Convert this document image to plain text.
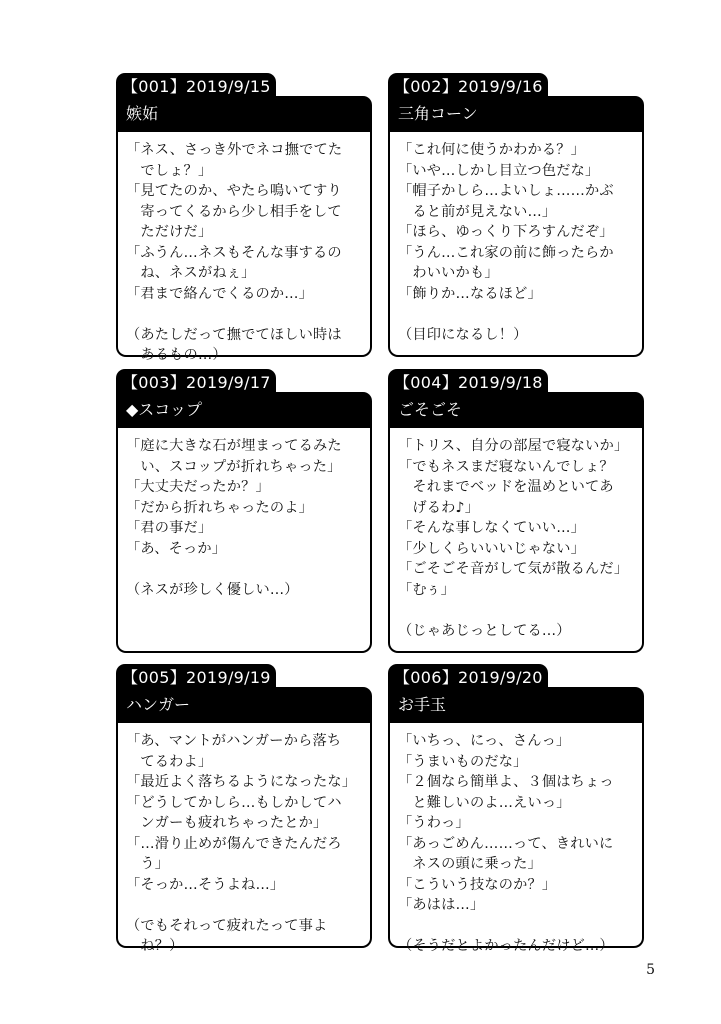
【001】2019/9/15
嫉妬
「ネス、さっき外でネコ撫でてた
　でしょ？」
「見てたのか、やたら鳴いてすり
　寄ってくるから少し相手をして
　ただけだ」
「ふうん…ネスもそんな事するの
　ね、ネスがねぇ」
「君まで絡んでくるのか…」
（あたしだって撫でてほしい時は
　あるもの…）
【002】2019/9/16
三角コーン
「これ何に使うかわかる？」
「いや…しかし目立つ色だな」
「帽子かしら…よいしょ……かぶ
　ると前が見えない…」
「ほら、ゆっくり下ろすんだぞ」
「うん…これ家の前に飾ったらか
　わいいかも」
「飾りか…なるほど」
（目印になるし！）
【003】2019/9/17
◆スコップ
「庭に大きな石が埋まってるみた
　い、スコップが折れちゃった」
「大丈夫だったか？」
「だから折れちゃったのよ」
「君の事だ」
「あ、そっか」
（ネスが珍しく優しい…）
【004】2019/9/18
ごそごそ
「トリス、自分の部屋で寝ないか」
「でもネスまだ寝ないんでしょ？
　それまでベッドを温めといてあ
　げるわ♪」
「そんな事しなくていい…」
「少しくらいいいじゃない」
「ごそごそ音がして気が散るんだ」
「むぅ」
（じゃあじっとしてる…）
【005】2019/9/19
ハンガー
「あ、マントがハンガーから落ち
　てるわよ」
「最近よく落ちるようになったな」
「どうしてかしら…もしかしてハ
　ンガーも疲れちゃったとか」
「…滑り止めが傷んできたんだろ
　う」
「そっか…そうよね…」
（でもそれって疲れたって事よ
　ね？）
【006】2019/9/20
お手玉
「いちっ、にっ、さんっ」
「うまいものだな」
「２個なら簡単よ、３個はちょっ
　と難しいのよ…えいっ」
「うわっ」
「あっごめん……って、きれいに
　ネスの頭に乗った」
「こういう技なのか？」
「あはは…」
（そうだとよかったんだけど…）
5
